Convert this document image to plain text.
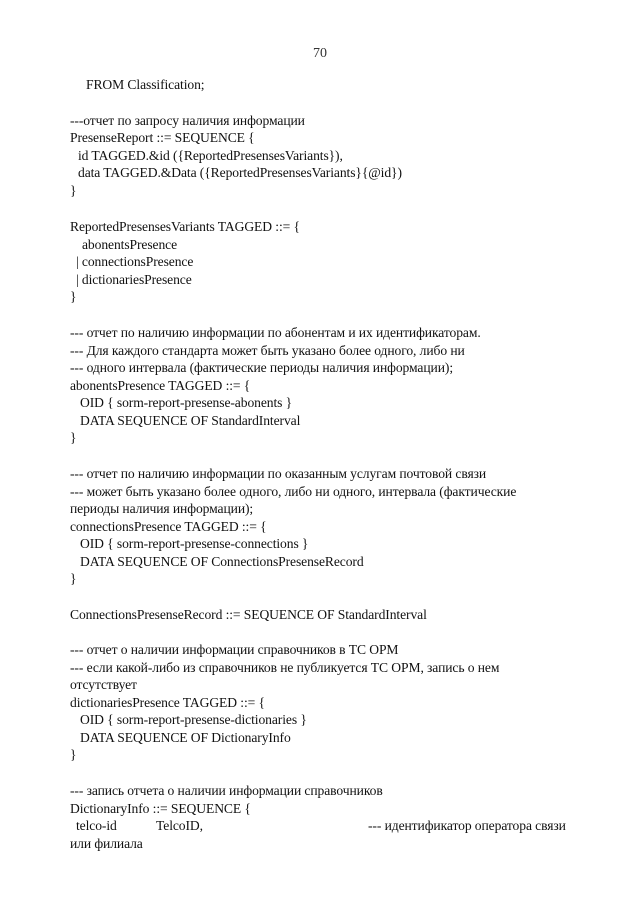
70
FROM Classification;
---отчет по запросу наличия информации
PresenseReport ::= SEQUENCE {
id TAGGED.&id ({ReportedPresensesVariants}),
data TAGGED.&Data ({ReportedPresensesVariants}{@id})
}
ReportedPresensesVariants TAGGED ::= {
abonentsPresence
| connectionsPresence
| dictionariesPresence
}
--- отчет по наличию информации по абонентам и их идентификаторам.
--- Для каждого стандарта может быть указано более одного, либо ни
--- одного интервала (фактические периоды наличия информации);
abonentsPresence TAGGED ::= {
OID { sorm-report-presense-abonents }
DATA SEQUENCE OF StandardInterval
}
--- отчет по наличию информации по оказанным услугам почтовой связи
--- может быть указано более одного, либо ни одного, интервала (фактические
периоды наличия информации);
connectionsPresence TAGGED ::= {
OID { sorm-report-presense-connections }
DATA SEQUENCE OF ConnectionsPresenseRecord
}
ConnectionsPresenseRecord ::= SEQUENCE OF StandardInterval
--- отчет о наличии информации справочников в ТС ОРМ
--- если какой-либо из справочников не публикуется ТС ОРМ, запись о нем
отсутствует
dictionariesPresence TAGGED ::= {
OID { sorm-report-presense-dictionaries }
DATA SEQUENCE OF DictionaryInfo
}
--- запись отчета о наличии информации справочников
DictionaryInfo ::= SEQUENCE {
telco-id	TelcoID,	--- идентификатор оператора связи
или филиала
